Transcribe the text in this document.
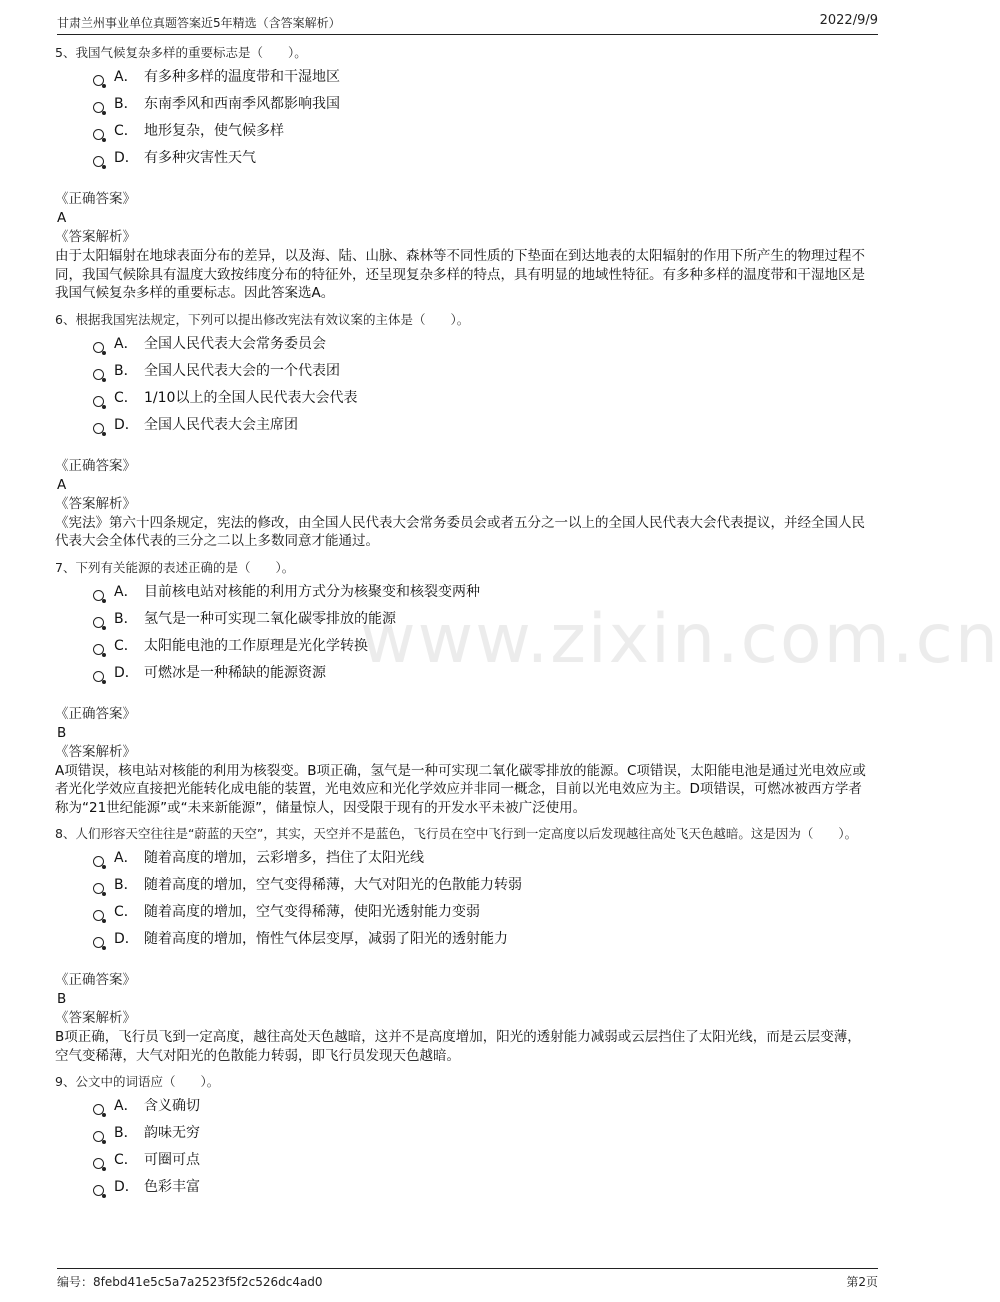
甘肃兰州事业单位真题答案近5年精选（含答案解析）	2022/9/9
www.zixin.com.cn
5、我国气候复杂多样的重要标志是（　　）。
A． 有多种多样的温度带和干湿地区
B． 东南季风和西南季风都影响我国
C． 地形复杂，使气候多样
D． 有多种灾害性天气
《正确答案》
A
《答案解析》
由于太阳辐射在地球表面分布的差异，以及海、陆、山脉、森林等不同性质的下垫面在到达地表的太阳辐射的作用下所产生的物理过程不同，我国气候除具有温度大致按纬度分布的特征外，还呈现复杂多样的特点，具有明显的地域性特征。有多种多样的温度带和干湿地区是我国气候复杂多样的重要标志。因此答案选A。
6、根据我国宪法规定，下列可以提出修改宪法有效议案的主体是（　　）。
A． 全国人民代表大会常务委员会
B． 全国人民代表大会的一个代表团
C． 1/10以上的全国人民代表大会代表
D． 全国人民代表大会主席团
《正确答案》
A
《答案解析》
《宪法》第六十四条规定，宪法的修改，由全国人民代表大会常务委员会或者五分之一以上的全国人民代表大会代表提议，并经全国人民代表大会全体代表的三分之二以上多数同意才能通过。
7、下列有关能源的表述正确的是（　　）。
A． 目前核电站对核能的利用方式分为核聚变和核裂变两种
B． 氢气是一种可实现二氧化碳零排放的能源
C． 太阳能电池的工作原理是光化学转换
D． 可燃冰是一种稀缺的能源资源
《正确答案》
B
《答案解析》
A项错误，核电站对核能的利用为核裂变。B项正确，氢气是一种可实现二氧化碳零排放的能源。C项错误，太阳能电池是通过光电效应或者光化学效应直接把光能转化成电能的装置，光电效应和光化学效应并非同一概念，目前以光电效应为主。D项错误，可燃冰被西方学者称为“21世纪能源”或“未来新能源”，储量惊人，因受限于现有的开发水平未被广泛使用。
8、人们形容天空往往是“蔚蓝的天空”，其实，天空并不是蓝色，飞行员在空中飞行到一定高度以后发现越往高处飞天色越暗。这是因为（　　）。
A． 随着高度的增加，云彩增多，挡住了太阳光线
B． 随着高度的增加，空气变得稀薄，大气对阳光的色散能力转弱
C． 随着高度的增加，空气变得稀薄，使阳光透射能力变弱
D． 随着高度的增加，惰性气体层变厚，减弱了阳光的透射能力
《正确答案》
B
《答案解析》
B项正确，飞行员飞到一定高度，越往高处天色越暗，这并不是高度增加，阳光的透射能力减弱或云层挡住了太阳光线，而是云层变薄，空气变稀薄，大气对阳光的色散能力转弱，即飞行员发现天色越暗。
9、公文中的词语应（　　）。
A． 含义确切
B． 韵味无穷
C． 可圈可点
D． 色彩丰富
编号：8febd41e5c5a7a2523f5f2c526dc4ad0	第2页
